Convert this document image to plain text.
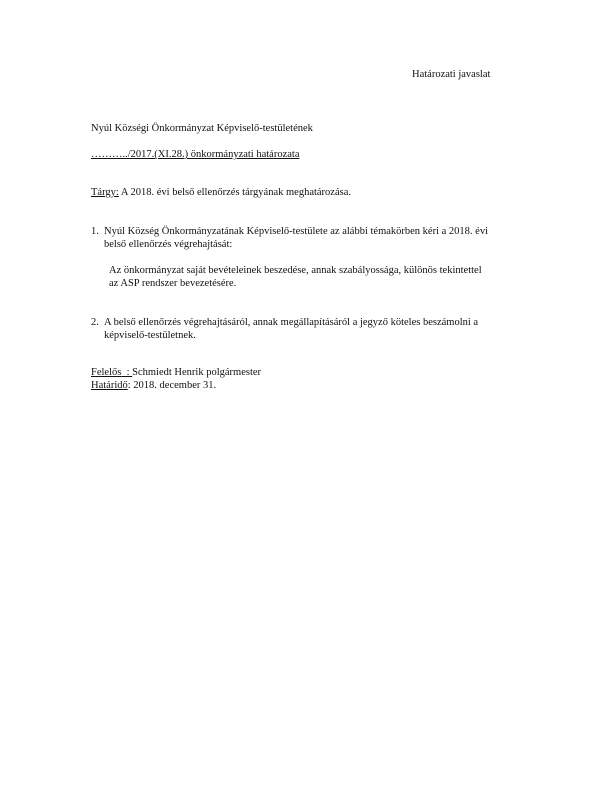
Határozati javaslat
Nyúl Községi Önkormányzat Képviselő-testületének
………../2017.(XI.28.) önkormányzati határozata
Tárgy: A 2018. évi belső ellenőrzés tárgyának meghatározása.
1. Nyúl Község Önkormányzatának Képviselő-testülete az alábbi témakörben kéri a 2018. évi
belső ellenőrzés végrehajtását:
Az önkormányzat saját bevételeinek beszedése, annak szabályossága, különös tekintettel
az ASP rendszer bevezetésére.
2. A belső ellenőrzés végrehajtásáról, annak megállapításáról a jegyző köteles beszámolni a
képviselő-testületnek.
Felelős  : Schmiedt Henrik polgármester
Határidő: 2018. december 31.
